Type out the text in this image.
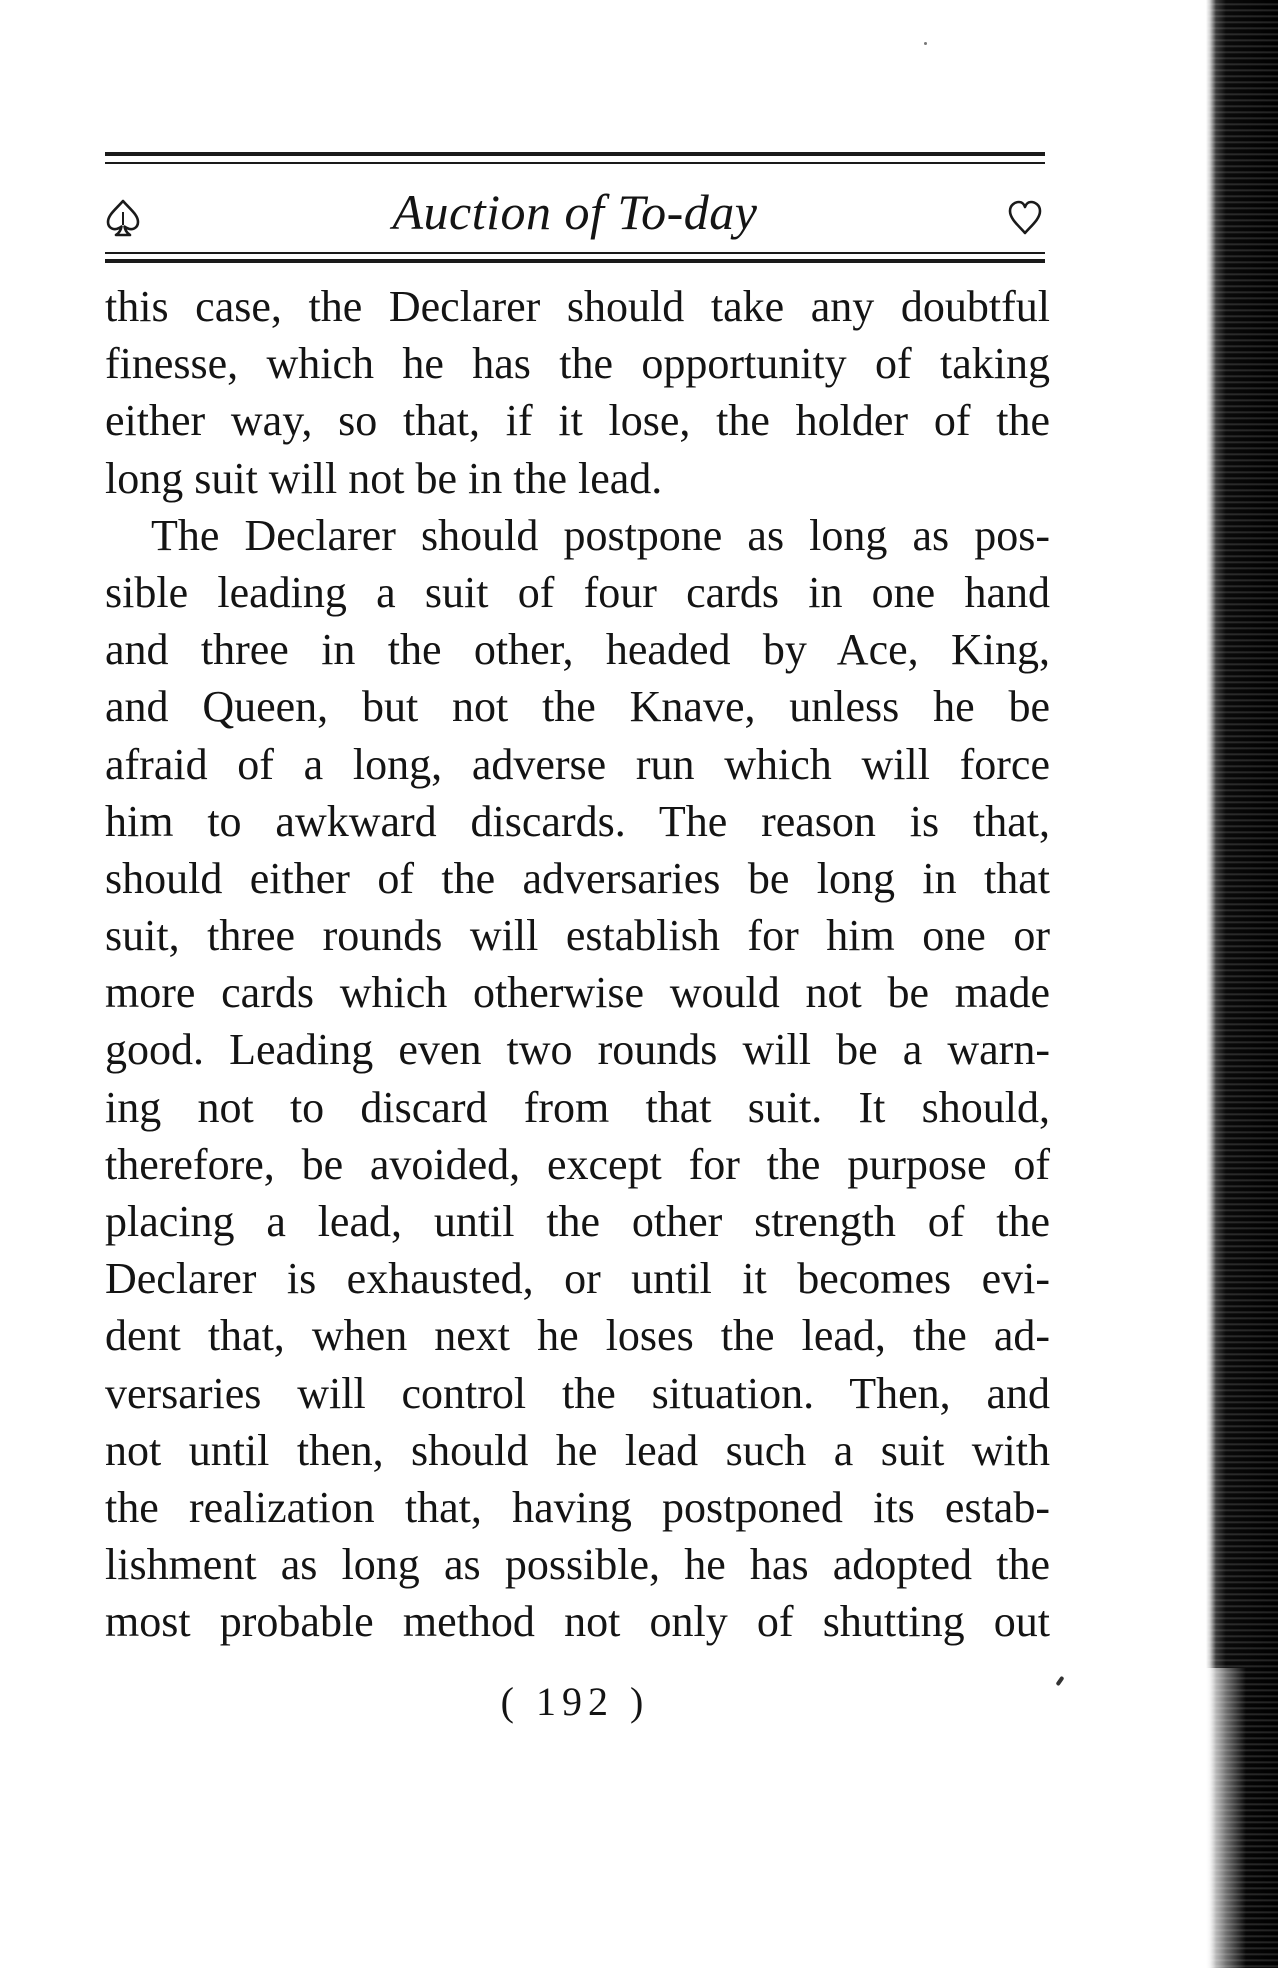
Auction of To-day
this case, the Declarer should take any doubtful
finesse, which he has the opportunity of taking
either way, so that, if it lose, the holder of the
long suit will not be in the lead.
The Declarer should postpone as long as pos-
sible leading a suit of four cards in one hand
and three in the other, headed by Ace, King,
and Queen, but not the Knave, unless he be
afraid of a long, adverse run which will force
him to awkward discards. The reason is that,
should either of the adversaries be long in that
suit, three rounds will establish for him one or
more cards which otherwise would not be made
good. Leading even two rounds will be a warn-
ing not to discard from that suit. It should,
therefore, be avoided, except for the purpose of
placing a lead, until the other strength of the
Declarer is exhausted, or until it becomes evi-
dent that, when next he loses the lead, the ad-
versaries will control the situation. Then, and
not until then, should he lead such a suit with
the realization that, having postponed its estab-
lishment as long as possible, he has adopted the
most probable method not only of shutting out
( 192 )
